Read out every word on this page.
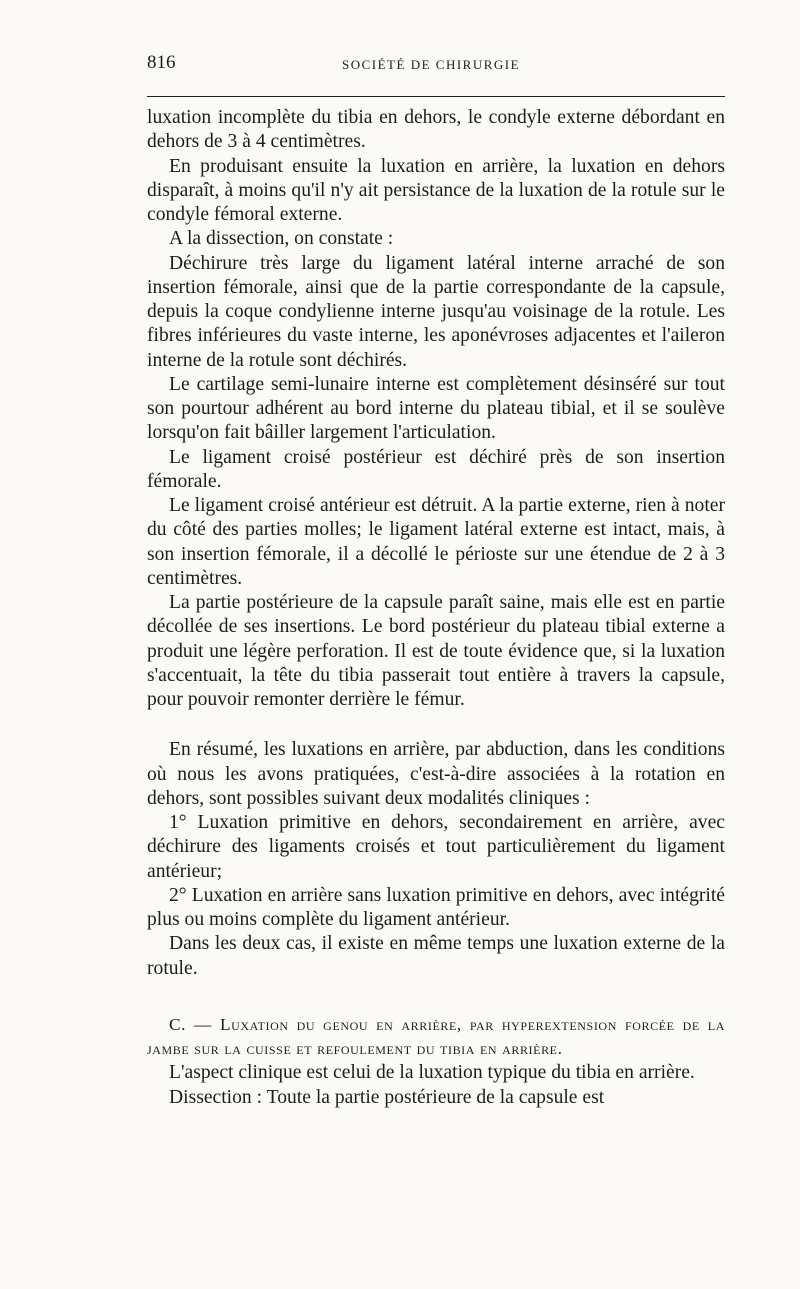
816	SOCIÉTÉ DE CHIRURGIE

luxation incomplète du tibia en dehors, le condyle externe débordant en dehors de 3 à 4 centimètres.

En produisant ensuite la luxation en arrière, la luxation en dehors disparaît, à moins qu'il n'y ait persistance de la luxation de la rotule sur le condyle fémoral externe.

A la dissection, on constate :

Déchirure très large du ligament latéral interne arraché de son insertion fémorale, ainsi que de la partie correspondante de la capsule, depuis la coque condylienne interne jusqu'au voisinage de la rotule. Les fibres inférieures du vaste interne, les aponévroses adjacentes et l'aileron interne de la rotule sont déchirés.

Le cartilage semi-lunaire interne est complètement désinséré sur tout son pourtour adhérent au bord interne du plateau tibial, et il se soulève lorsqu'on fait bâiller largement l'articulation.

Le ligament croisé postérieur est déchiré près de son insertion fémorale.

Le ligament croisé antérieur est détruit. A la partie externe, rien à noter du côté des parties molles; le ligament latéral externe est intact, mais, à son insertion fémorale, il a décollé le périoste sur une étendue de 2 à 3 centimètres.

La partie postérieure de la capsule paraît saine, mais elle est en partie décollée de ses insertions. Le bord postérieur du plateau tibial externe a produit une légère perforation. Il est de toute évidence que, si la luxation s'accentuait, la tête du tibia passerait tout entière à travers la capsule, pour pouvoir remonter derrière le fémur.

En résumé, les luxations en arrière, par abduction, dans les conditions où nous les avons pratiquées, c'est-à-dire associées à la rotation en dehors, sont possibles suivant deux modalités cliniques :

1° Luxation primitive en dehors, secondairement en arrière, avec déchirure des ligaments croisés et tout particulièrement du ligament antérieur;

2° Luxation en arrière sans luxation primitive en dehors, avec intégrité plus ou moins complète du ligament antérieur.

Dans les deux cas, il existe en même temps une luxation externe de la rotule.

C. — Luxation du genou en arrière, par hyperextension forcée de la jambe sur la cuisse et refoulement du tibia en arrière.

L'aspect clinique est celui de la luxation typique du tibia en arrière.

Dissection : Toute la partie postérieure de la capsule est
